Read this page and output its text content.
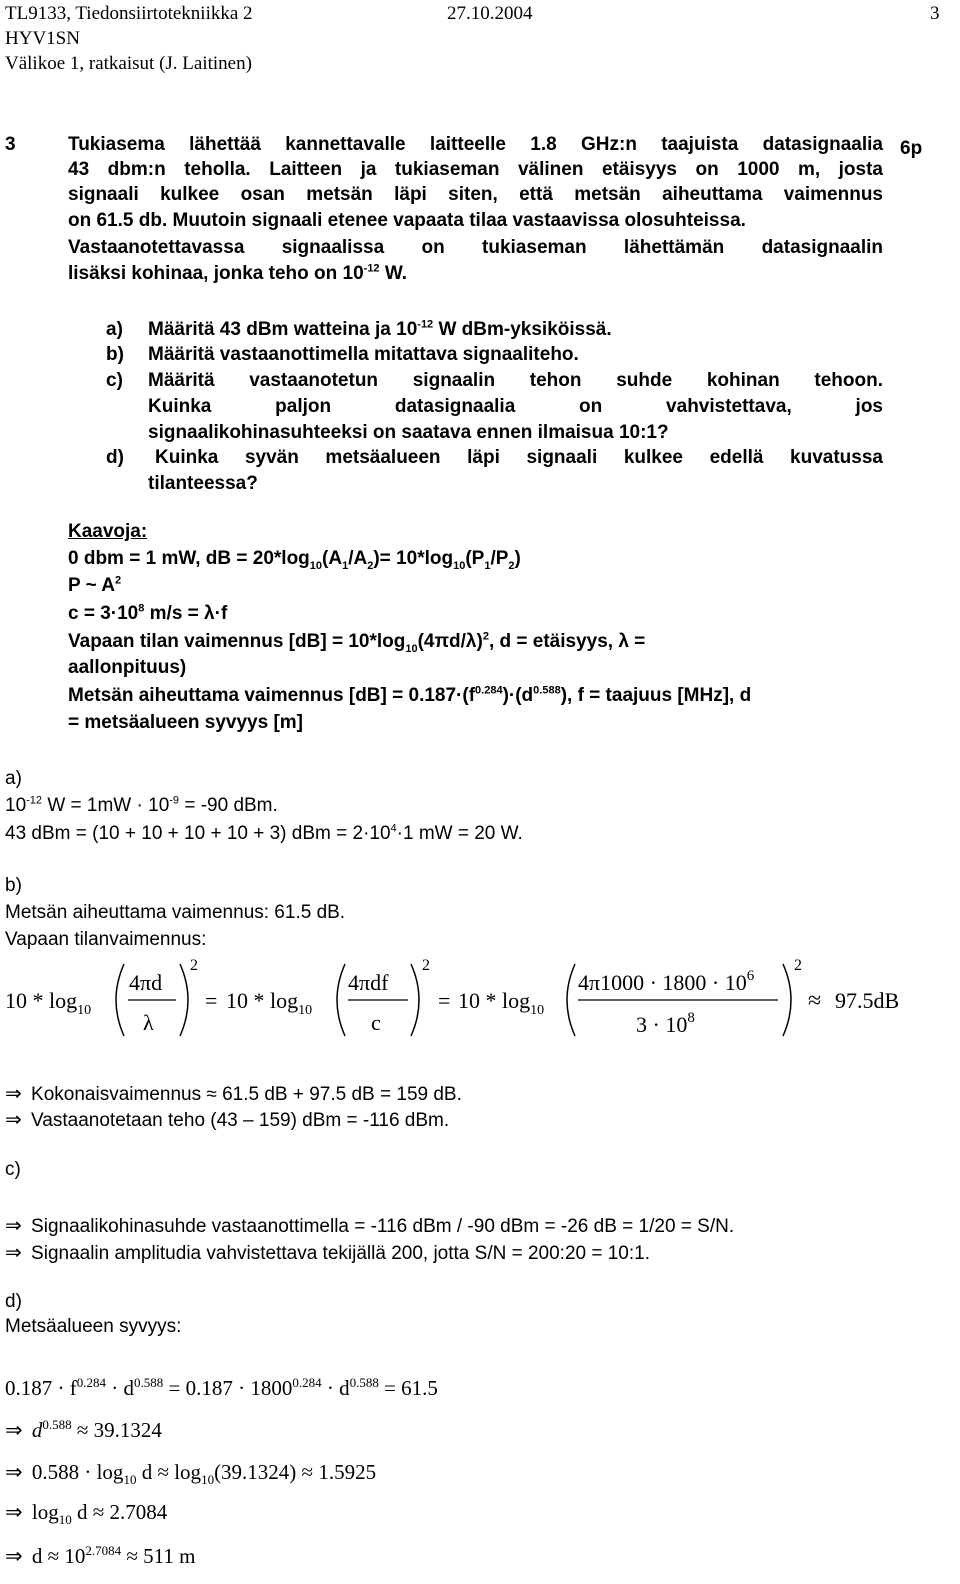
TL9133, Tiedonsiirtotekniikka 2	27.10.2004	3
HYV1SN
Välikoe 1, ratkaisut (J. Laitinen)
3	6p
Tukiasema lähettää kannettavalle laitteelle 1.8 GHz:n taajuista datasignaalia
43 dbm:n teholla. Laitteen ja tukiaseman välinen etäisyys on 1000 m, josta
signaali kulkee osan metsän läpi siten, että metsän aiheuttama vaimennus
on 61.5 db. Muutoin signaali etenee vapaata tilaa vastaavissa olosuhteissa.
Vastaanotettavassa signaalissa on tukiaseman lähettämän datasignaalin
lisäksi kohinaa, jonka teho on $10^{-12}$ W.
a) Määritä 43 dBm watteina ja $10^{-12}$ W dBm-yksiköissä.
b) Määritä vastaanottimella mitattava signaaliteho.
c) Määritä vastaanotetun signaalin tehon suhde kohinan tehoon.
Kuinka paljon datasignaalia on vahvistettava, jos
signaalikohinasuhteeksi on saatava ennen ilmaisua 10:1?
d) Kuinka syvän metsäalueen läpi signaali kulkee edellä kuvatussa
tilanteessa?
Kaavoja:
0 dbm = 1 mW, dB = $20*\log_{10}(A_1/A_2)= 10*\log_{10}(P_1/P_2)$
P ~ $A^2$
$c = 3\cdot 10^8$ m/s = λ·f
Vapaan tilan vaimennus $[dB] = 10*\log_{10}(4\pi d/\lambda)^2$, d = etäisyys, λ =
aallonpituus)
Metsän aiheuttama vaimennus $[dB] = 0.187\cdot(f^{0.284})\cdot(d^{0.588})$, f = taajuus [MHz], d
= metsäalueen syvyys [m]
a)
$10^{-12}$ $W = 1mW \cdot 10^{-9} = -90$ dBm.
43 dBm = (10 + 10 + 10 + 10 + 3) dBm = $2\cdot 10^4\cdot 1$ mW = 20 W.
b)
Metsän aiheuttama vaimennus: 61.5 dB.
Vapaan tilanvaimennus:
$10 * \log_{10}$
4πd
λ
2
= $10 * \log_{10}$
4πdf
c
2
= $10 * \log_{10}$
$4\pi 1000 \cdot 1800 \cdot 10^6$
$3 \cdot 10^8$
2
≈ 97.5dB
⇒ Kokonaisvaimennus ≈ 61.5 dB + 97.5 dB = 159 dB.
⇒ Vastaanotetaan teho (43 – 159) dBm = -116 dBm.
c)
⇒ Signaalikohinasuhde vastaanottimella = -116 dBm / -90 dBm = -26 dB = 1/20 = S/N.
⇒ Signaalin amplitudia vahvistettava tekijällä 200, jotta S/N = 200:20 = 10:1.
d)
Metsäalueen syvyys:
$0.187 \cdot f^{0.284} \cdot d^{0.588} = 0.187 \cdot 1800^{0.284} \cdot d^{0.588} = 61.5$
⇒ $d^{0.588} \approx 39.1324$
⇒ $0.588 \cdot \log_{10} d \approx \log_{10}(39.1324) \approx 1.5925$
⇒ $\log_{10} d \approx 2.7084$
⇒ $d \approx 10^{2.7084} \approx 511$ m
